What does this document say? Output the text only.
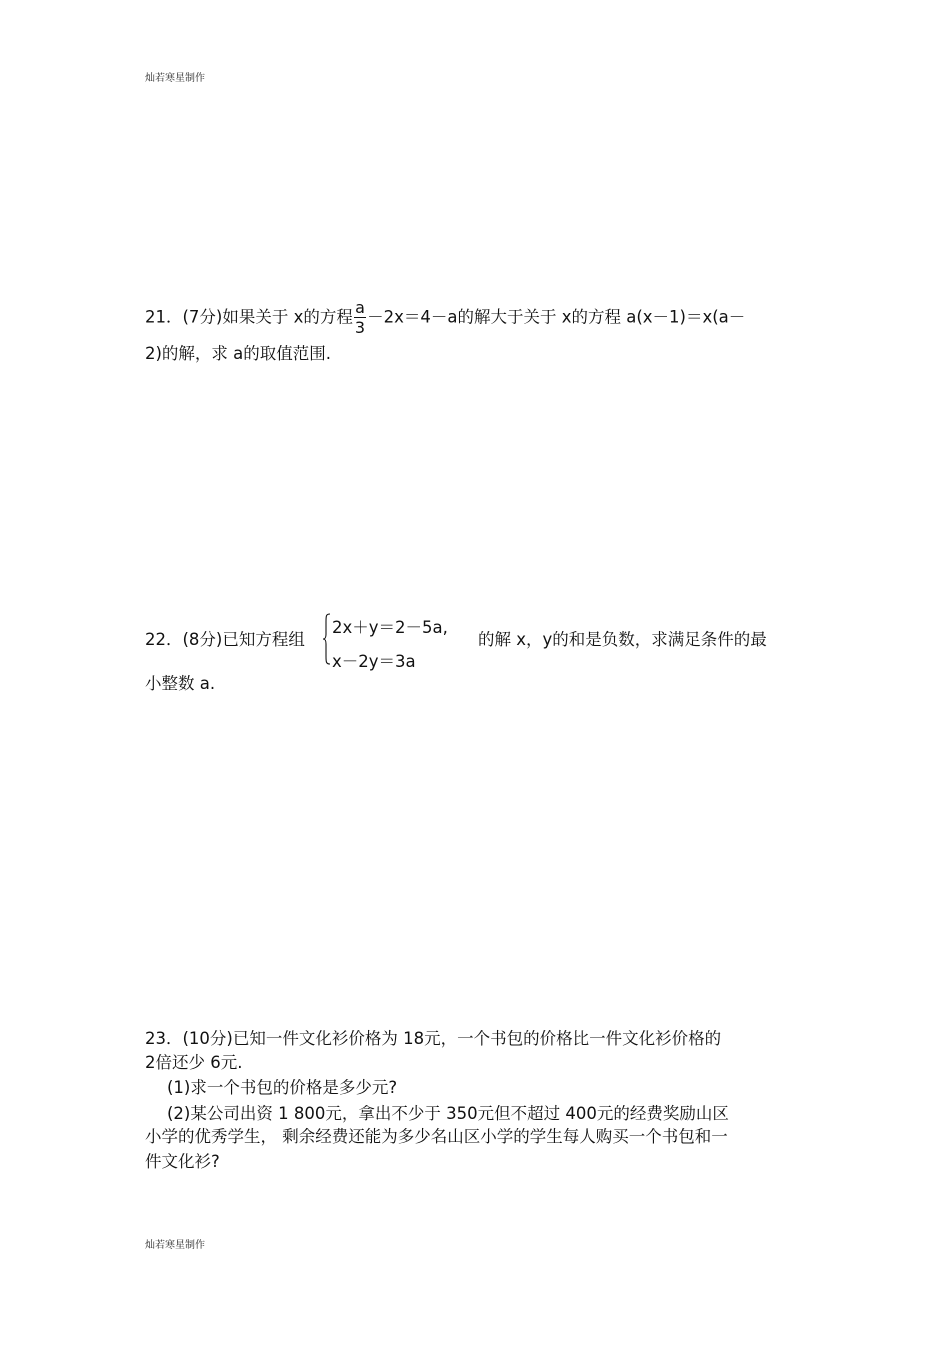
灿若寒星制作
21．(7分)如果关于 x的方程 $\frac{a}{3} -2x=4-a$的解大于关于 x的方程 a(x－1)＝x(a－
2)的解，求 a的取值范围.
22．(8分)已知方程组
2x＋y＝2－5a,
x－2y＝3a
的解 x，y的和是负数，求满足条件的最
小整数 a.
23．(10分)已知一件文化衫价格为 18元，一个书包的价格比一件文化衫价格的
2倍还少 6元.
(1)求一个书包的价格是多少元?
(2)某公司出资 1 800元，拿出不少于 350元但不超过 400元的经费奖励山区
小学的优秀学生， 剩余经费还能为多少名山区小学的学生每人购买一个书包和一
件文化衫?
灿若寒星制作
